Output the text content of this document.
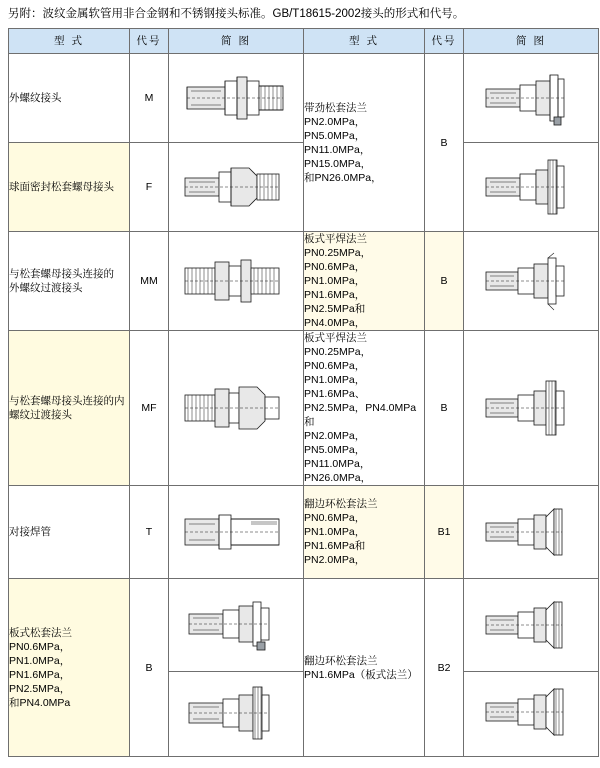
另附：波纹金属软管用非合金钢和不锈钢接头标准。GB/T18615-2002接头的形式和代号。
型 式	代号	简 图	型 式	代号	简 图

外螺纹接头	M		带劲松套法兰
PN2.0MPa，PN5.0MPa，
PN11.0MPa，PN15.0MPa，
和PN26.0MPa，	B	

球面密封松套螺母接头	F	

与松套螺母接头连接的
外螺纹过渡接头	MM		板式平焊法兰
PN0.25MPa，PN0.6MPa，
PN1.0MPa，PN1.6MPa，
PN2.5MPa和PN4.0MPa，	B	

与松套螺母接头连接的内
螺纹过渡接头
	MF	

板式平焊法兰
PN0.25MPa，PN0.6MPa，
PN1.0MPa，PN1.6MPa、
PN2.5MPa，PN4.0MPa和
PN2.0MPa，PN5.0MPa，
PN11.0MPa，PN26.0MPa，
	B	

对接焊管	T		翻边环松套法兰
PN0.6MPa，PN1.0MPa，
PN1.6MPa和PN2.0MPa，	B1	

板式松套法兰
PN0.6MPa，PN1.0MPa，
PN1.6MPa，PN2.5MPa，
和PN4.0MPa	B		翻边环松套法兰
PN1.6MPa（板式法兰）	B2	
